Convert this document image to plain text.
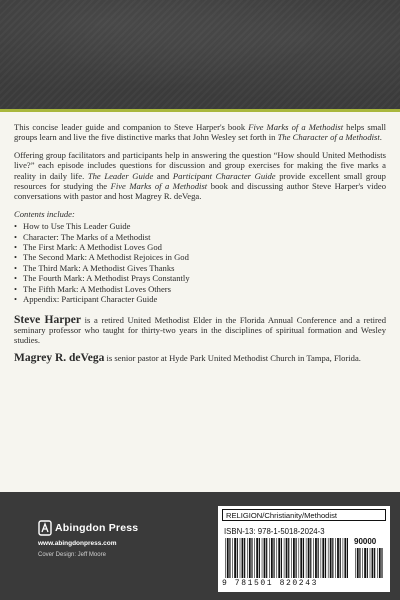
This concise leader guide and companion to Steve Harper's book Five Marks of a Methodist helps small groups learn and live the five distinctive marks that John Wesley set forth in The Character of a Methodist.

Offering group facilitators and participants help in answering the question “How should United Methodists live?” each episode includes questions for discussion and group exercises for making the five marks a reality in daily life. The Leader Guide and Participant Character Guide provide excellent small group resources for studying the Five Marks of a Methodist book and discussing author Steve Harper's video conversations with pastor and host Magrey R. deVega.

Contents include:
• How to Use This Leader Guide
• Character: The Marks of a Methodist
• The First Mark: A Methodist Loves God
• The Second Mark: A Methodist Rejoices in God
• The Third Mark: A Methodist Gives Thanks
• The Fourth Mark: A Methodist Prays Constantly
• The Fifth Mark: A Methodist Loves Others
• Appendix: Participant Character Guide

Steve Harper is a retired United Methodist Elder in the Florida Annual Conference and a retired seminary professor who taught for thirty-two years in the disciplines of spiritual formation and Wesley studies.

Magrey R. deVega is senior pastor at Hyde Park United Methodist Church in Tampa, Florida.

Abingdon Press
www.abingdonpress.com
Cover Design: Jeff Moore
RELIGION/Christianity/Methodist
ISBN-13: 978-1-5018-2024-3
90000
9 781501 820243
